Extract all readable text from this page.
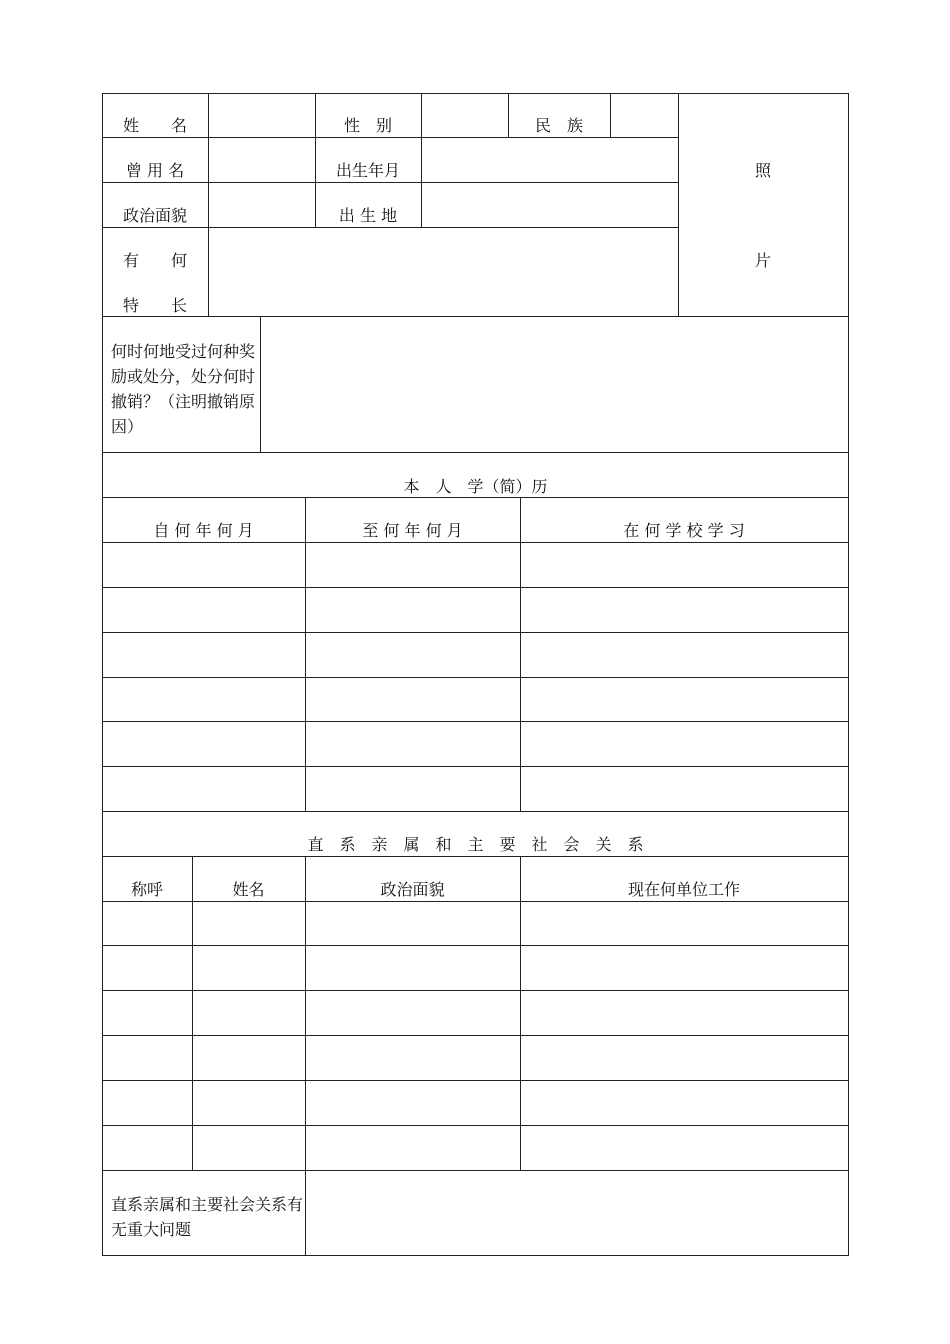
姓　　名	性　别	民　族
曾 用 名	出生年月
政治面貌	出 生 地
有　　何
特　　长
照
片
何时何地受过何种奖励或处分，处分何时撤销？（注明撤销原因）
本　人　学（简）历
自 何 年 何 月	至 何 年 何 月	在 何 学 校 学 习
直　系　亲　属　和　主　要　社　会　关　系
称呼	姓名	政治面貌	现在何单位工作
直系亲属和主要社会关系有无重大问题
